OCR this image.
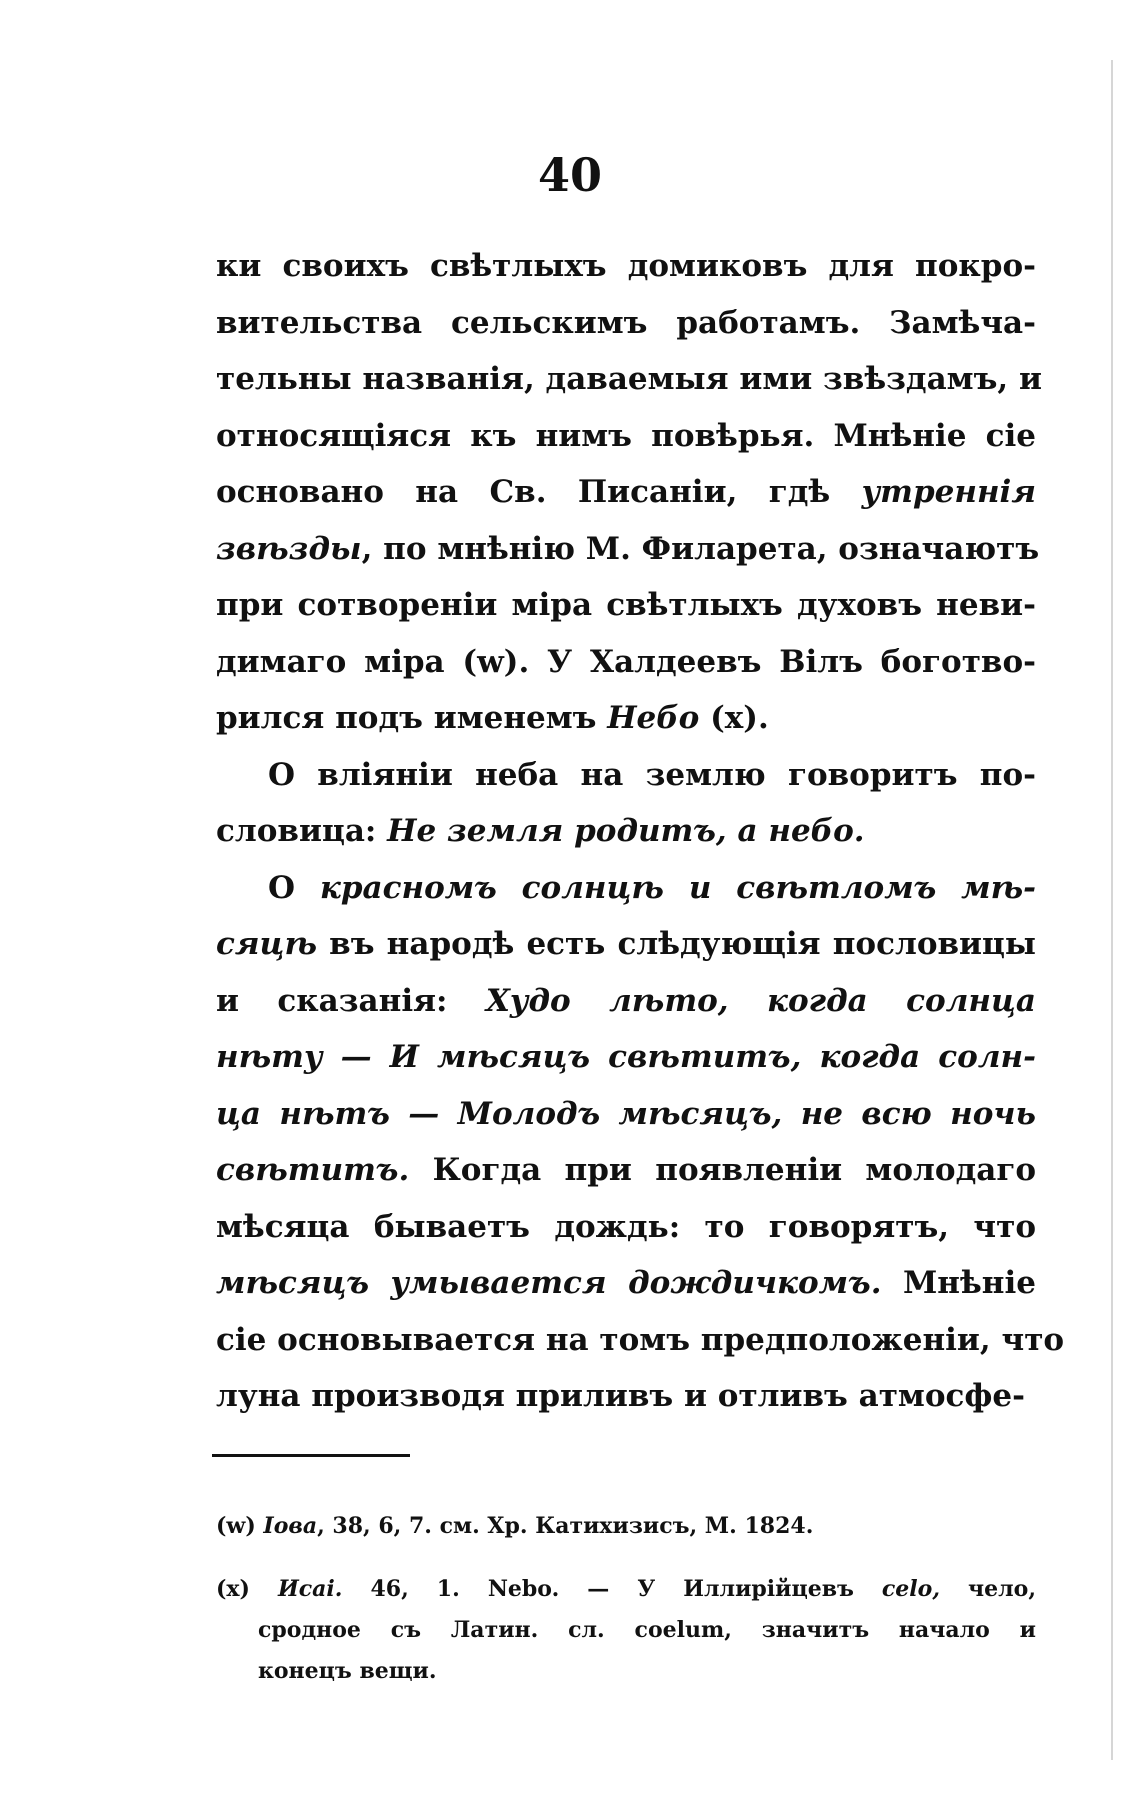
40

ки своихъ свѣтлыхъ домиковъ для покро-
вительства сельскимъ работамъ. Замѣча-
тельны названія, даваемыя ими звѣздамъ, и
относящіяся къ нимъ повѣрья. Мнѣніе сіе
основано на Св. Писаніи, гдѣ утреннія
звѣзды, по мнѣнію М. Филарета, означаютъ
при сотвореніи міра свѣтлыхъ духовъ неви-
димаго міра (w). У Халдеевъ Вілъ боготво-
рился подъ именемъ Небо (x).

О вліяніи неба на землю говоритъ по-
словица: Не земля родитъ, а небо.

О красномъ солнцѣ и свѣтломъ мѣ-
сяцѣ въ народѣ есть слѣдующія пословицы
и сказанія: Худо лѣто, когда солнца
нѣту — И мѣсяцъ свѣтитъ, когда солн-
ца нѣтъ — Молодъ мѣсяцъ, не всю ночь
свѣтитъ. Когда при появленіи молодаго
мѣсяца бываетъ дождь: то говорятъ, что
мѣсяцъ умывается дождичкомъ. Мнѣніе
сіе основывается на томъ предположеніи, что
луна производя приливъ и отливъ атмосфе-

(w) Іова, 38, 6, 7. см. Хр. Катихизисъ, М. 1824.

(x) Исаі. 46, 1. Nebo. — У Иллирійцевъ celo, чело,
сродное съ Латин. сл. coelum, значитъ начало и
конецъ вещи.
